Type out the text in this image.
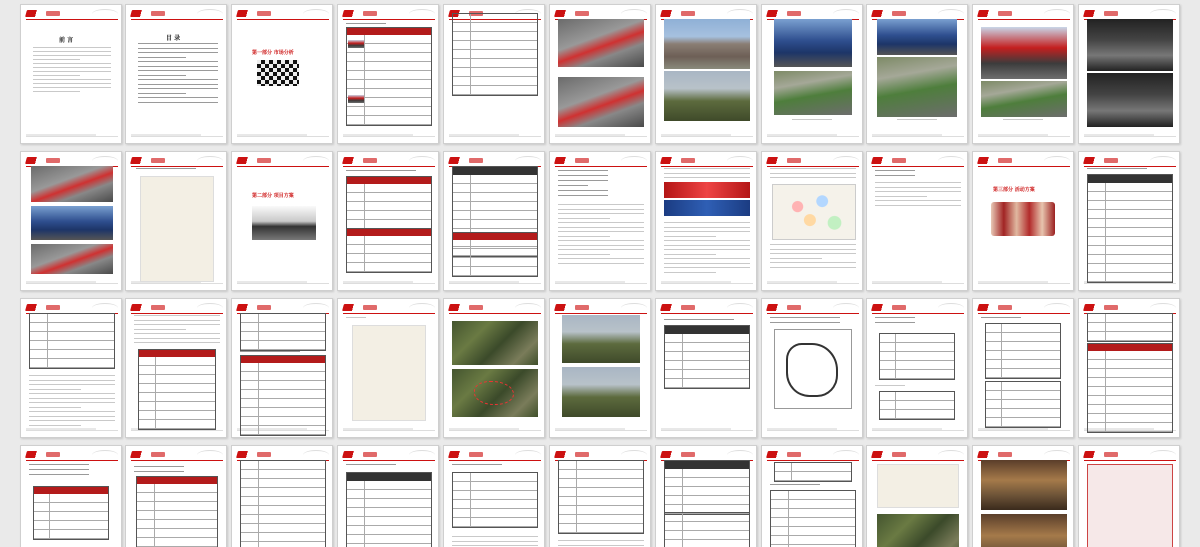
前 言	目 录
第一部分 市场分析
第二部分 项目方案
第三部分 活动方案
